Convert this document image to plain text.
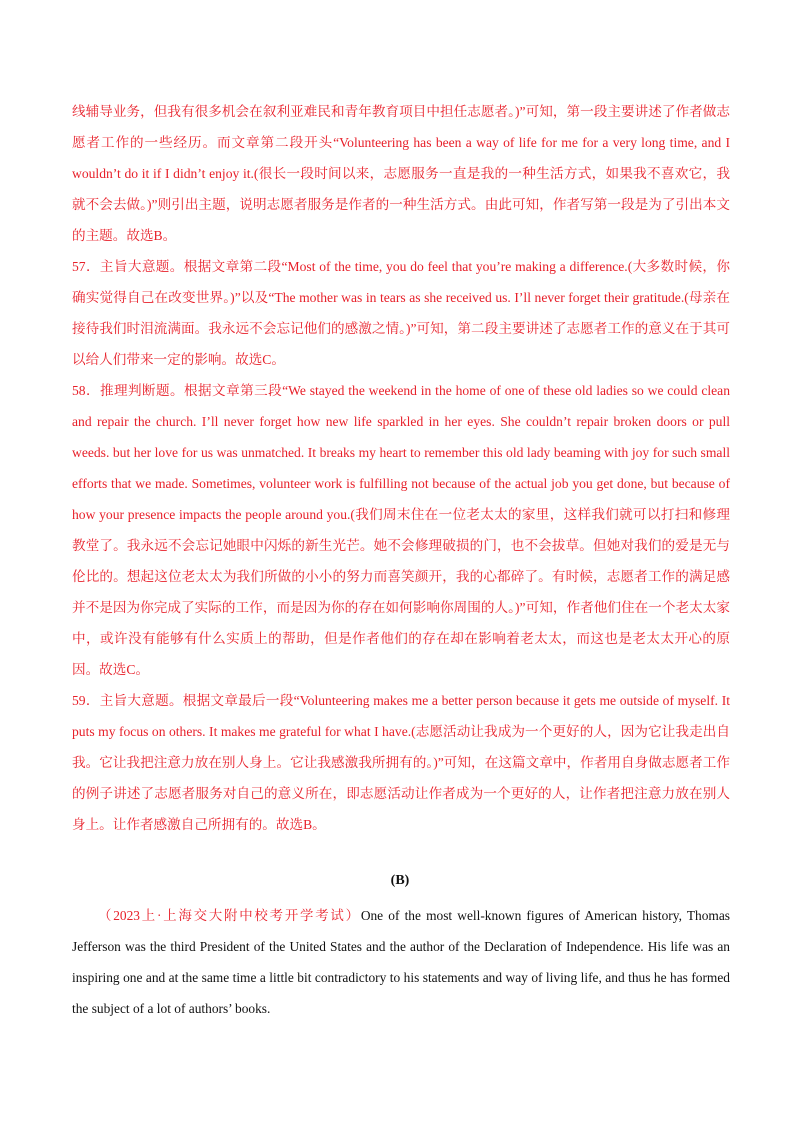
线辅导业务，但我有很多机会在叙利亚难民和青年教育项目中担任志愿者。)”可知，第一段主要讲述了作者做志愿者工作的一些经历。而文章第二段开头“Volunteering has been a way of life for me for a very long time, and I wouldn’t do it if I didn’t enjoy it.(很长一段时间以来，志愿服务一直是我的一种生活方式，如果我不喜欢它，我就不会去做。)”则引出主题，说明志愿者服务是作者的一种生活方式。由此可知，作者写第一段是为了引出本文的主题。故选B。

57．主旨大意题。根据文章第二段“Most of the time, you do feel that you’re making a difference.(大多数时候，你确实觉得自己在改变世界。)”以及“The mother was in tears as she received us. I’ll never forget their gratitude.(母亲在接待我们时泪流满面。我永远不会忘记他们的感激之情。)”可知，第二段主要讲述了志愿者工作的意义在于其可以给人们带来一定的影响。故选C。

58．推理判断题。根据文章第三段“We stayed the weekend in the home of one of these old ladies so we could clean and repair the church. I’ll never forget how new life sparkled in her eyes. She couldn’t repair broken doors or pull weeds. but her love for us was unmatched. It breaks my heart to remember this old lady beaming with joy for such small efforts that we made. Sometimes, volunteer work is fulfilling not because of the actual job you get done, but because of how your presence impacts the people around you.(我们周末住在一位老太太的家里，这样我们就可以打扫和修理教堂了。我永远不会忘记她眼中闪烁的新生光芒。她不会修理破损的门，也不会拔草。但她对我们的爱是无与伦比的。想起这位老太太为我们所做的小小的努力而喜笑颜开，我的心都碎了。有时候，志愿者工作的满足感并不是因为你完成了实际的工作，而是因为你的存在如何影响你周围的人。)”可知，作者他们住在一个老太太家中，或许没有能够有什么实质上的帮助，但是作者他们的存在却在影响着老太太，而这也是老太太开心的原因。故选C。

59．主旨大意题。根据文章最后一段“Volunteering makes me a better person because it gets me outside of myself. It puts my focus on others. It makes me grateful for what I have.(志愿活动让我成为一个更好的人，因为它让我走出自我。它让我把注意力放在别人身上。它让我感激我所拥有的。)”可知，在这篇文章中，作者用自身做志愿者工作的例子讲述了志愿者服务对自己的意义所在，即志愿活动让作者成为一个更好的人，让作者把注意力放在别人身上。让作者感激自己所拥有的。故选B。

(B)

（2023上·上海交大附中校考开学考试）One of the most well-known figures of American history, Thomas Jefferson was the third President of the United States and the author of the Declaration of Independence. His life was an inspiring one and at the same time a little bit contradictory to his statements and way of living life, and thus he has formed the subject of a lot of authors’ books.
